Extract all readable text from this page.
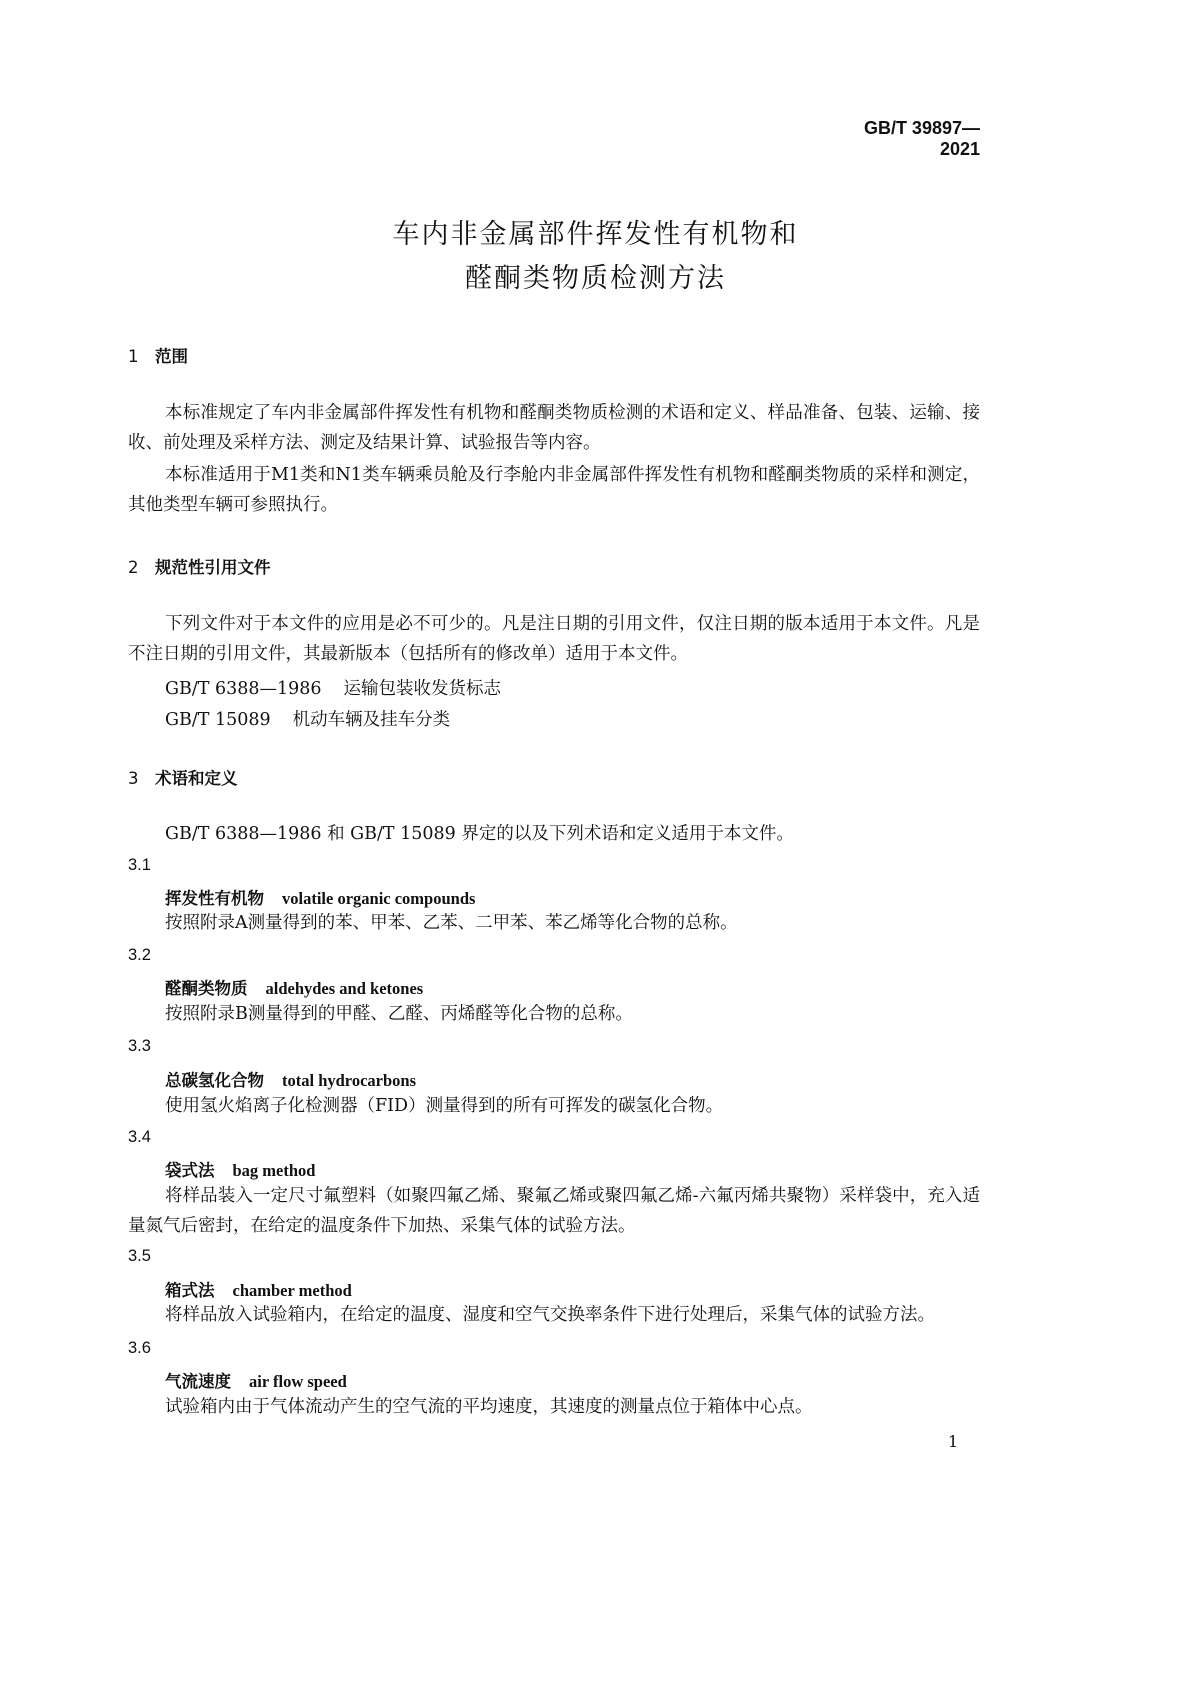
GB/T 39897—2021
车内非金属部件挥发性有机物和
醛酮类物质检测方法
1 范围
本标准规定了车内非金属部件挥发性有机物和醛酮类物质检测的术语和定义、样品准备、包装、运输、接收、前处理及采样方法、测定及结果计算、试验报告等内容。
本标准适用于M1类和N1类车辆乘员舱及行李舱内非金属部件挥发性有机物和醛酮类物质的采样和测定，其他类型车辆可参照执行。
2 规范性引用文件
下列文件对于本文件的应用是必不可少的。凡是注日期的引用文件，仅注日期的版本适用于本文件。凡是不注日期的引用文件，其最新版本（包括所有的修改单）适用于本文件。
GB/T 6388—1986 运输包装收发货标志
GB/T 15089 机动车辆及挂车分类
3 术语和定义
GB/T 6388—1986 和 GB/T 15089 界定的以及下列术语和定义适用于本文件。
3.1
挥发性有机物 volatile organic compounds
按照附录A测量得到的苯、甲苯、乙苯、二甲苯、苯乙烯等化合物的总称。
3.2
醛酮类物质 aldehydes and ketones
按照附录B测量得到的甲醛、乙醛、丙烯醛等化合物的总称。
3.3
总碳氢化合物 total hydrocarbons
使用氢火焰离子化检测器（FID）测量得到的所有可挥发的碳氢化合物。
3.4
袋式法 bag method
将样品装入一定尺寸氟塑料（如聚四氟乙烯、聚氟乙烯或聚四氟乙烯-六氟丙烯共聚物）采样袋中，充入适量氮气后密封，在给定的温度条件下加热、采集气体的试验方法。
3.5
箱式法 chamber method
将样品放入试验箱内，在给定的温度、湿度和空气交换率条件下进行处理后，采集气体的试验方法。
3.6
气流速度 air flow speed
试验箱内由于气体流动产生的空气流的平均速度，其速度的测量点位于箱体中心点。
1
